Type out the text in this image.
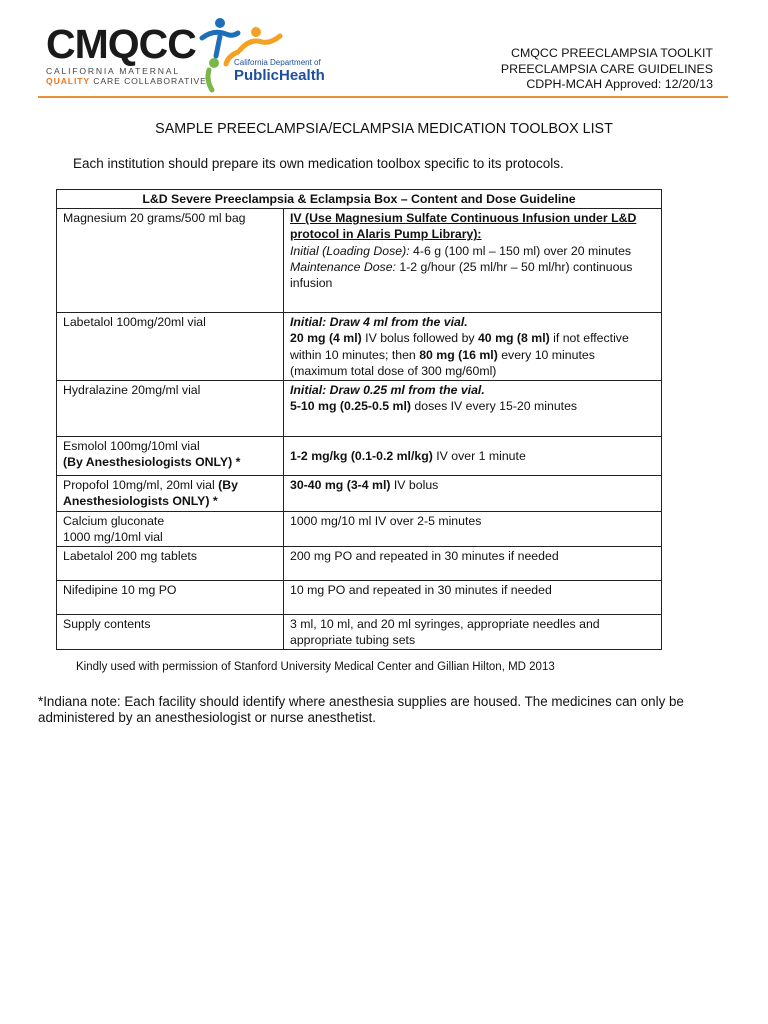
CMQCC
CALIFORNIA MATERNAL
QUALITY CARE COLLABORATIVE
California Department of
PublicHealth
CMQCC PREECLAMPSIA TOOLKIT
PREECLAMPSIA CARE GUIDELINES
CDPH-MCAH Approved: 12/20/13
SAMPLE PREECLAMPSIA/ECLAMPSIA MEDICATION TOOLBOX LIST
Each institution should prepare its own medication toolbox specific to its protocols.
L&D Severe Preeclampsia & Eclampsia Box – Content and Dose Guideline	
Magnesium 20 grams/500 ml bag	IV (Use Magnesium Sulfate Continuous Infusion under L&D protocol in Alaris Pump Library):
Initial (Loading Dose): 4-6 g (100 ml – 150 ml) over 20 minutes
Maintenance Dose: 1-2 g/hour (25 ml/hr – 50 ml/hr) continuous infusion
Labetalol 100mg/20ml vial	Initial: Draw 4 ml from the vial.
20 mg (4 ml) IV bolus followed by 40 mg (8 ml) if not effective within 10 minutes; then 80 mg (16 ml) every 10 minutes (maximum total dose of 300 mg/60ml)
Hydralazine 20mg/ml vial	Initial: Draw 0.25 ml from the vial.
5-10 mg (0.25-0.5 ml) doses IV every 15-20 minutes
Esmolol 100mg/10ml vial
(By Anesthesiologists ONLY) *	1-2 mg/kg (0.1-0.2 ml/kg) IV over 1 minute
Propofol 10mg/ml, 20ml vial (By Anesthesiologists ONLY) *	30-40 mg (3-4 ml) IV bolus
Calcium gluconate
1000 mg/10ml vial	1000 mg/10 ml IV over 2-5 minutes
Labetalol 200 mg tablets	200 mg PO and repeated in 30 minutes if needed
Nifedipine 10 mg PO	10 mg PO and repeated in 30 minutes if needed
Supply contents	3 ml, 10 ml, and 20 ml syringes, appropriate needles and appropriate tubing sets
Kindly used with permission of Stanford University Medical Center and Gillian Hilton, MD 2013
*Indiana note: Each facility should identify where anesthesia supplies are housed. The medicines can only be administered by an anesthesiologist or nurse anesthetist.
